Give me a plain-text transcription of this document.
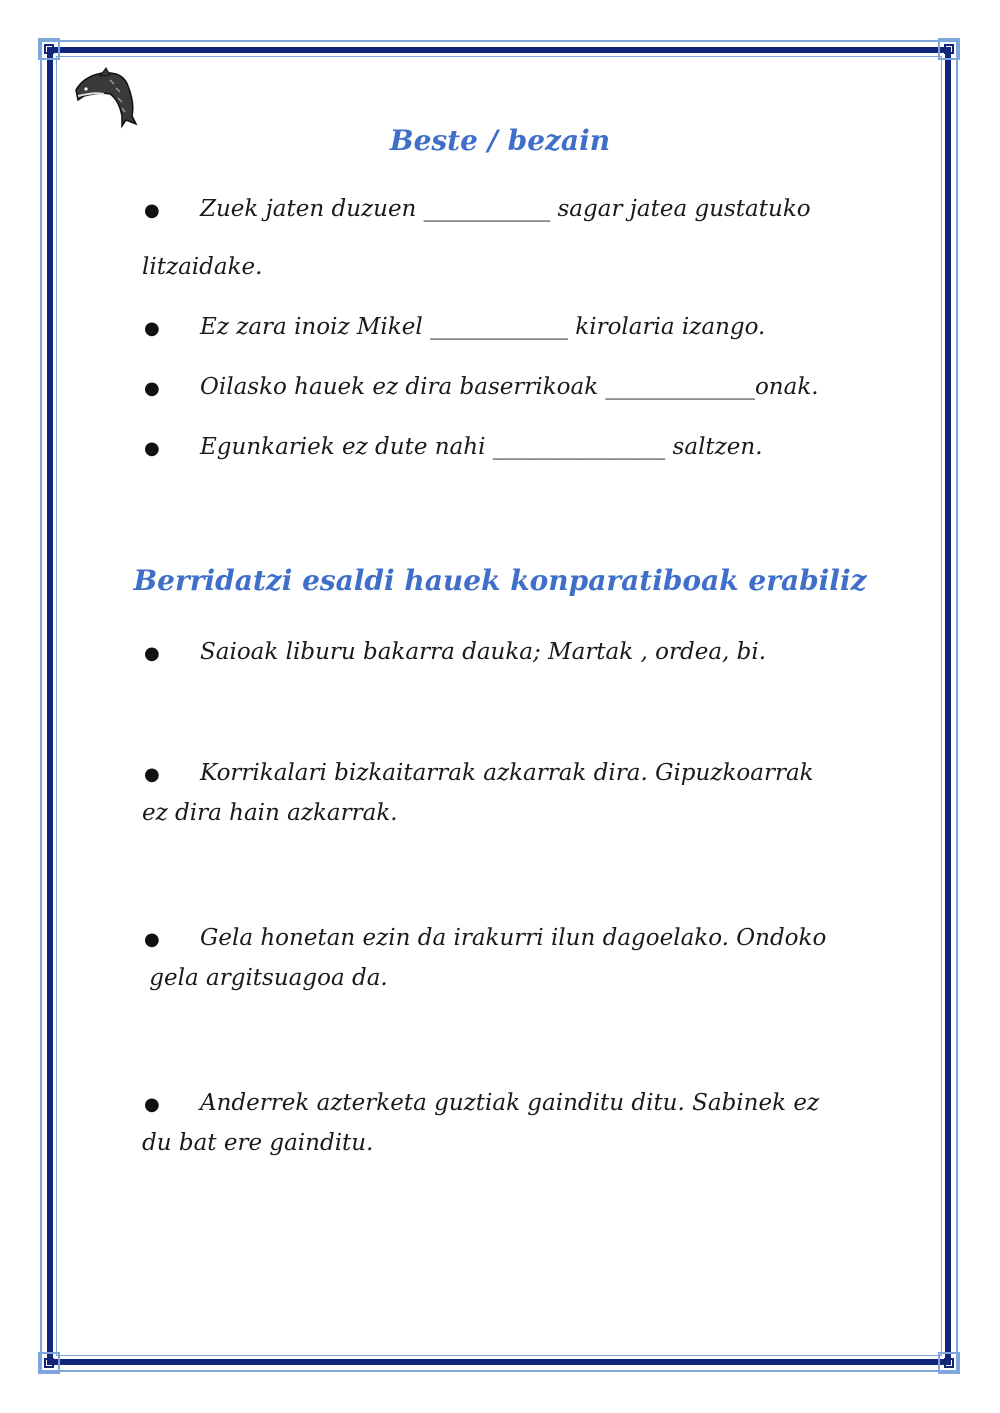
Beste / bezain
● Zuek jaten duzuen ___________ sagar jatea gustatuko
litzaidake.
● Ez zara inoiz Mikel ____________ kirolaria izango.
● Oilasko hauek ez dira baserrikoak _____________onak.
● Egunkariek ez dute nahi _______________ saltzen.
Berridatzi esaldi hauek konparatiboak erabiliz
● Saioak liburu bakarra dauka; Martak , ordea, bi.
● Korrikalari bizkaitarrak azkarrak dira. Gipuzkoarrak
ez dira hain azkarrak.
● Gela honetan ezin da irakurri ilun dagoelako. Ondoko
gela argitsuagoa da.
● Anderrek azterketa guztiak gainditu ditu. Sabinek ez
du bat ere gainditu.
